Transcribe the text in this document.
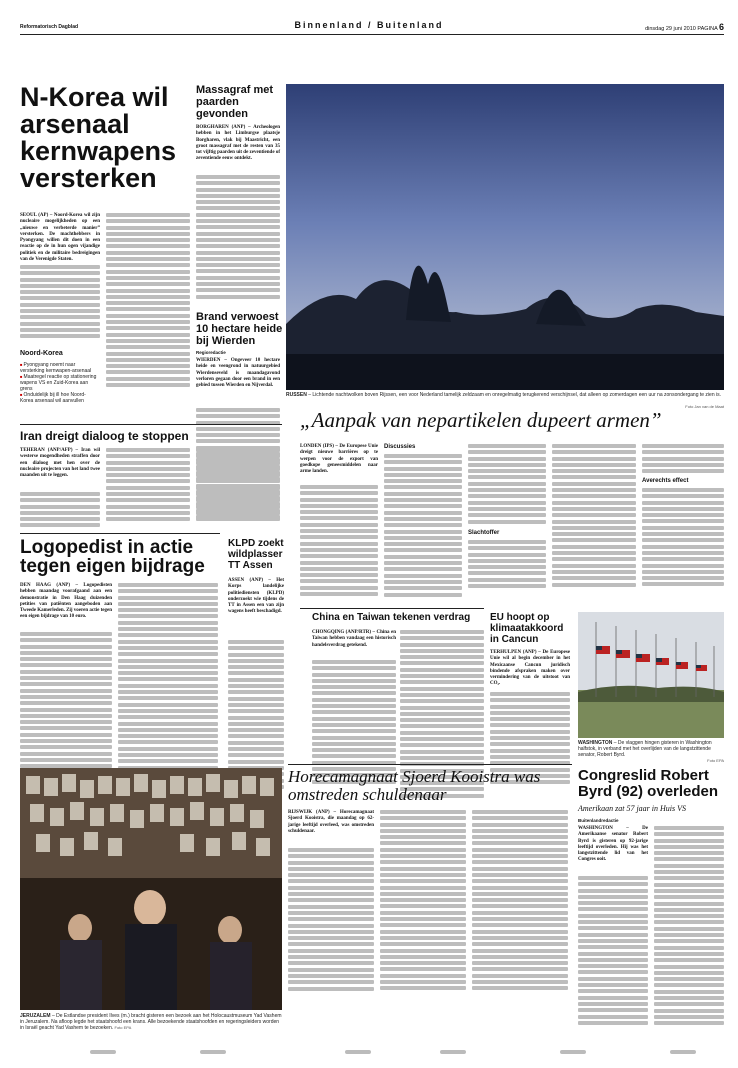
Reformatorisch Dagblad	Binnenland / Buitenland	dinsdag 29 juni 2010 PAGINA 6
N-Korea wil arsenaal kernwapens versterken
SEOUL (AP) – Noord-Korea wil zijn nucleaire mogelijkheden op een „nieuwe en verbeterde manier” versterken. De machthebbers in Pyongyang willen dit doen in een reactie op de in hun ogen vijandige politiek en de militaire bedreigingen van de Verenigde Staten.
Noord-Korea
■ Pyongyang noemt naar versterking kernwapen-arsenaal
■ Maatregel reactie op stationering wapens VS en Zuid-Korea aan grens
■ Onduidelijk bij ill hoe Noord-Korea arsenaal wil aanvullen
Massagraf met paarden gevonden
BORGHAREN (ANP) – Archeologen hebben in het Limburgse plaatsje Borgharen, vlak bij Maastricht, een groot massagraf met de resten van 35 tot vijftig paarden uit de zeventiende of zeventiende eeuw ontdekt.
Brand verwoest 10 hectare heide bij Wierden
Regioredactie
WIERDEN – Ongeveer 10 hectare heide en veengrond in natuurgebied Wierdenseveld is maandagavond verloren gegaan door een brand in een gebied tussen Wierden en Nijverdal.
RUSSEN – Lichtende nachtwolken boven Rijssen, een voor Nederland tamelijk zeldzaam en onregelmatig terugkerend verschijnsel, dat alleen op zomerdagen een uur na zonsondergang te zien is.
Foto Jan van de Maat
Iran dreigt dialoog te stoppen
TEHERAN (ANP/AFP) – Iran wil westerse mogendheden straffen door een dialoog met hen over de nucleaire projecten van het land twee maanden uit te leggen.
Logopedist in actie tegen eigen bijdrage
DEN HAAG (ANP) – Logopedisten hebben maandag voorafgaand aan een demonstratie in Den Haag duizenden petities van patiënten aangeboden aan Tweede Kamerleden. Zij voeren actie tegen een eigen bijdrage van 10 euro.
KLPD zoekt wildplasser TT Assen
ASSEN (ANP) – Het Korps landelijke politiediensten (KLPD) onderzoekt wie tijdens de TT in Assen een van zijn wagens heeft beschadigd.
„Aanpak van nepartikelen dupeert armen”
LONDEN (IPS) – De Europese Unie dreigt nieuwe barrières op te werpen voor de export van goedkope geneesmiddelen naar arme landen.
Discussies
Slachtoffer
Averechts effect
China en Taiwan tekenen verdrag
CHONGQING (ANP/RTR) – China en Taiwan hebben vandaag een historisch handelsverdrag getekend.
EU hoopt op klimaatakkoord in Cancun
TERHULPEN (ANP) – De Europese Unie wil al begin december in het Mexicaanse Cancun juridisch bindende afspraken maken over vermindering van de uitstoot van CO₂.
WASHINGTON – De vlaggen hingen gisteren in Washington halfstok, in verband met het overlijden van de langstzittende senator, Robert Byrd.
Foto EPA
Congreslid Robert Byrd (92) overleden
Amerikaan zat 57 jaar in Huis VS
Buitenlandredactie
WASHINGTON – De Amerikaanse senator Robert Byrd is gisteren op 92-jarige leeftijd overleden. Hij was het langstzittende lid van het Congres ooit.
JERUZALEM – De Estlandse president Ilves (m.) bracht gisteren een bezoek aan het Holocaustmuseum Yad Vashem in Jeruzalem. Na afloop legde het staatshoofd een krans. Alle bezoekende staatshoofden en regeringsleiders worden in Israël geacht Yad Vashem te bezoeken. Foto EPA
Horecamagnaat Sjoerd Kooistra was omstreden schuldenaar
RIJSWIJK (ANP) – Horecamagnaat Sjoerd Kooistra, die maandag op 62-jarige leeftijd overleed, was omstreden schuldenaar.
